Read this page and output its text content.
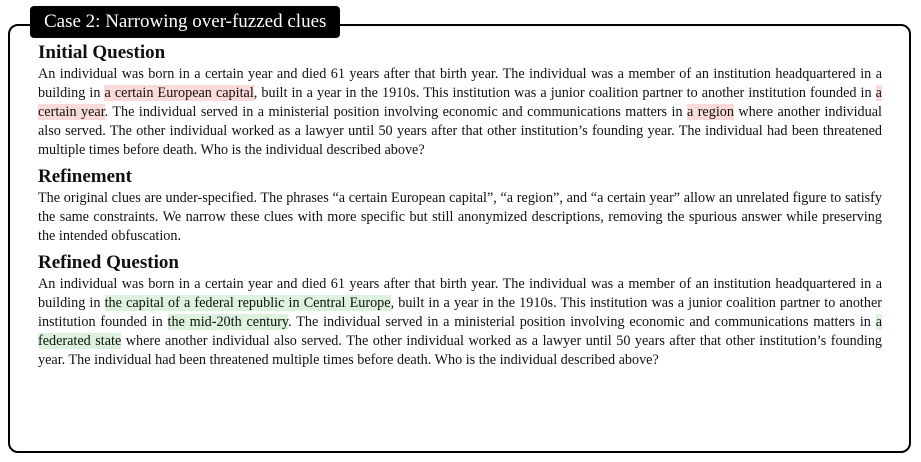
Case 2: Narrowing over-fuzzed clues
Initial Question

An individual was born in a certain year and died 61 years after that birth year. The individual was a member of an institution headquartered in a building in a certain European capital, built in a year in the 1910s. This institution was a junior coalition partner to another institution founded in a certain year. The individual served in a ministerial position involving economic and communications matters in a region where another individual also served. The other individual worked as a lawyer until 50 years after that other institution’s founding year. The individual had been threatened multiple times before death. Who is the individual described above?

Refinement

The original clues are under-specified. The phrases “a certain European capital”, “a region”, and “a certain year” allow an unrelated figure to satisfy the same constraints. We narrow these clues with more specific but still anonymized descriptions, removing the spurious answer while preserving the intended obfuscation.

Refined Question

An individual was born in a certain year and died 61 years after that birth year. The individual was a member of an institution headquartered in a building in the capital of a federal republic in Central Europe, built in a year in the 1910s. This institution was a junior coalition partner to another institution founded in the mid-20th century. The individual served in a ministerial position involving economic and communications matters in a federated state where another individual also served. The other individual worked as a lawyer until 50 years after that other institution’s founding year. The individual had been threatened multiple times before death. Who is the individual described above?
